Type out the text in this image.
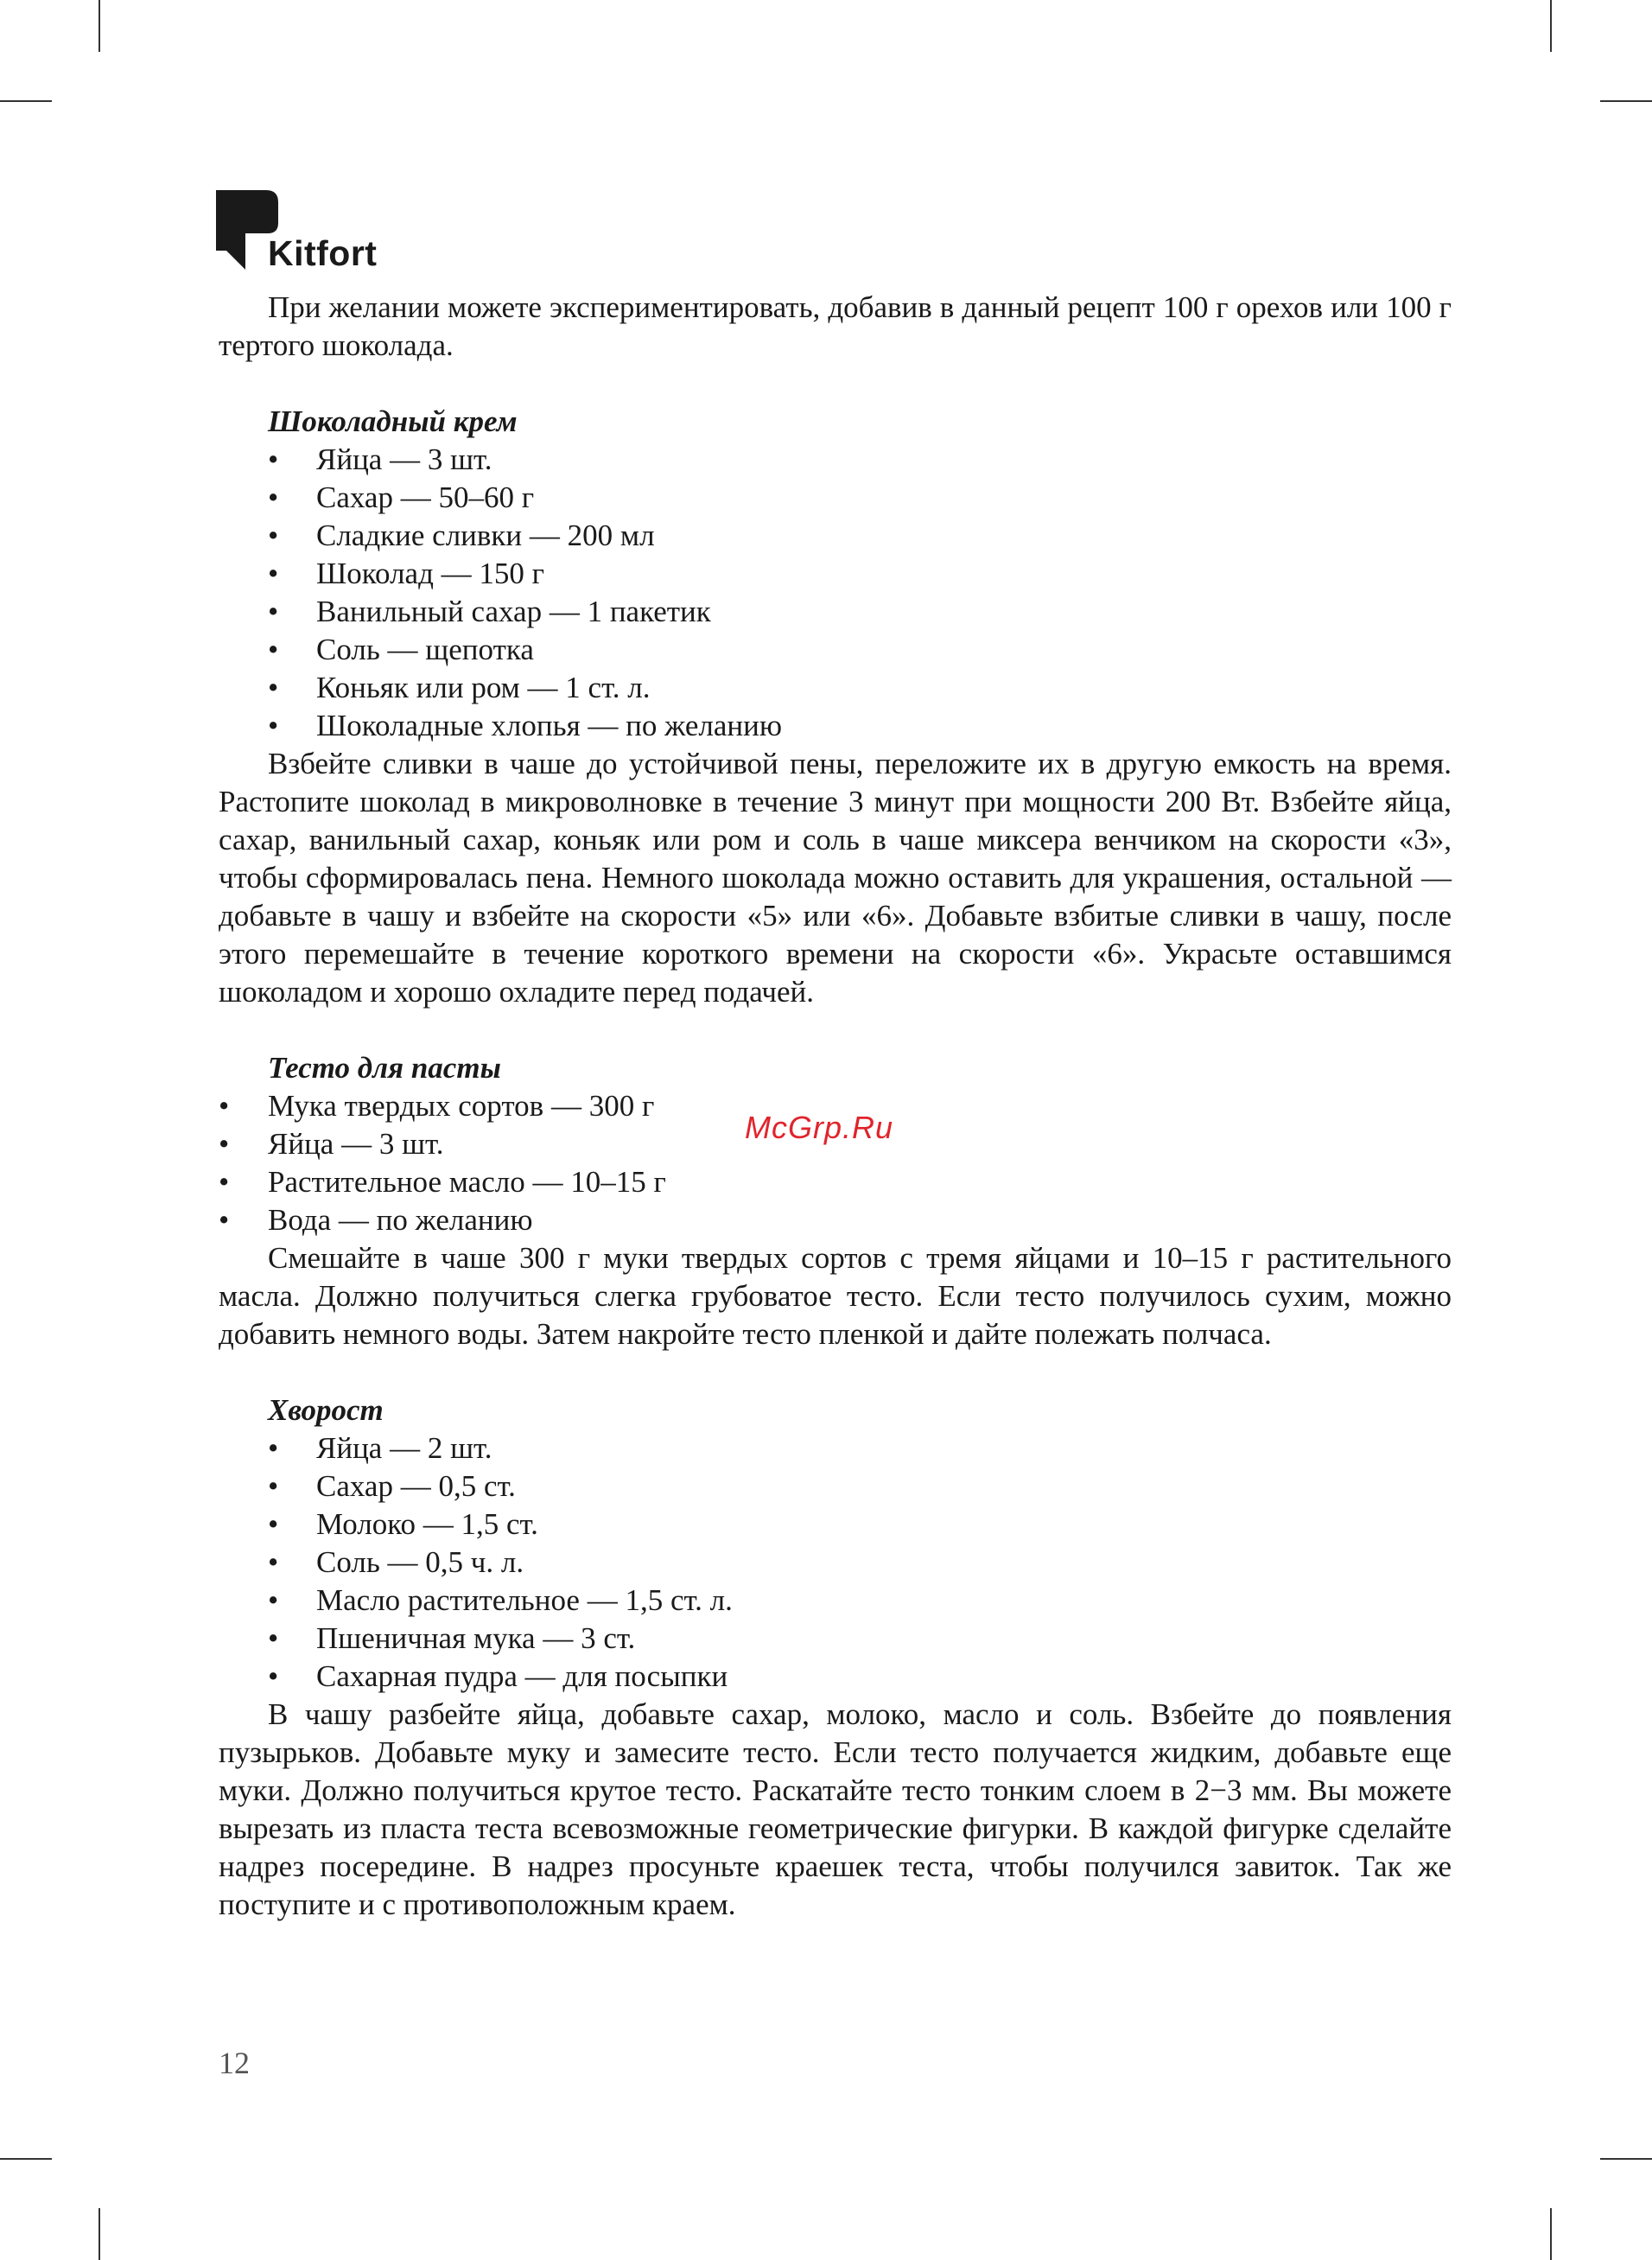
Kitfort

При желании можете экспериментировать, добавив в данный рецепт 100 г орехов или 100 г тертого шоколада.

Шоколадный крем
• Яйца — 3 шт.
• Сахар — 50–60 г
• Сладкие сливки — 200 мл
• Шоколад — 150 г
• Ванильный сахар — 1 пакетик
• Соль — щепотка
• Коньяк или ром — 1 ст. л.
• Шоколадные хлопья — по желанию

Взбейте сливки в чаше до устойчивой пены, переложите их в другую емкость на время. Растопите шоколад в микроволновке в течение 3 минут при мощности 200 Вт. Взбейте яйца, сахар, ванильный сахар, коньяк или ром и соль в чаше миксера венчиком на скорости «3», чтобы сформировалась пена. Немного шоколада можно оставить для украшения, остальной — добавьте в чашу и взбейте на скорости «5» или «6». Добавьте взбитые сливки в чашу, после этого перемешайте в течение короткого времени на скорости «6». Украсьте оставшимся шоколадом и хорошо охладите перед подачей.

Тесто для пасты
• Мука твердых сортов — 300 г
• Яйца — 3 шт.
• Растительное масло — 10–15 г
• Вода — по желанию

Смешайте в чаше 300 г муки твердых сортов с тремя яйцами и 10–15 г растительного масла. Должно получиться слегка грубоватое тесто. Если тесто получилось сухим, можно добавить немного воды. Затем накройте тесто пленкой и дайте полежать полчаса.

Хворост
• Яйца — 2 шт.
• Сахар — 0,5 ст.
• Молоко — 1,5 ст.
• Соль — 0,5 ч. л.
• Масло растительное — 1,5 ст. л.
• Пшеничная мука — 3 ст.
• Сахарная пудра — для посыпки

В чашу разбейте яйца, добавьте сахар, молоко, масло и соль. Взбейте до появления пузырьков. Добавьте муку и замесите тесто. Если тесто получается жидким, добавьте еще муки. Должно получиться крутое тесто. Раскатайте тесто тонким слоем в 2−3 мм. Вы можете вырезать из пласта теста всевозможные геометрические фигурки. В каждой фигурке сделайте надрез посередине. В надрез просуньте краешек теста, чтобы получился завиток. Так же поступите и с противоположным краем.

McGrp.Ru
12
